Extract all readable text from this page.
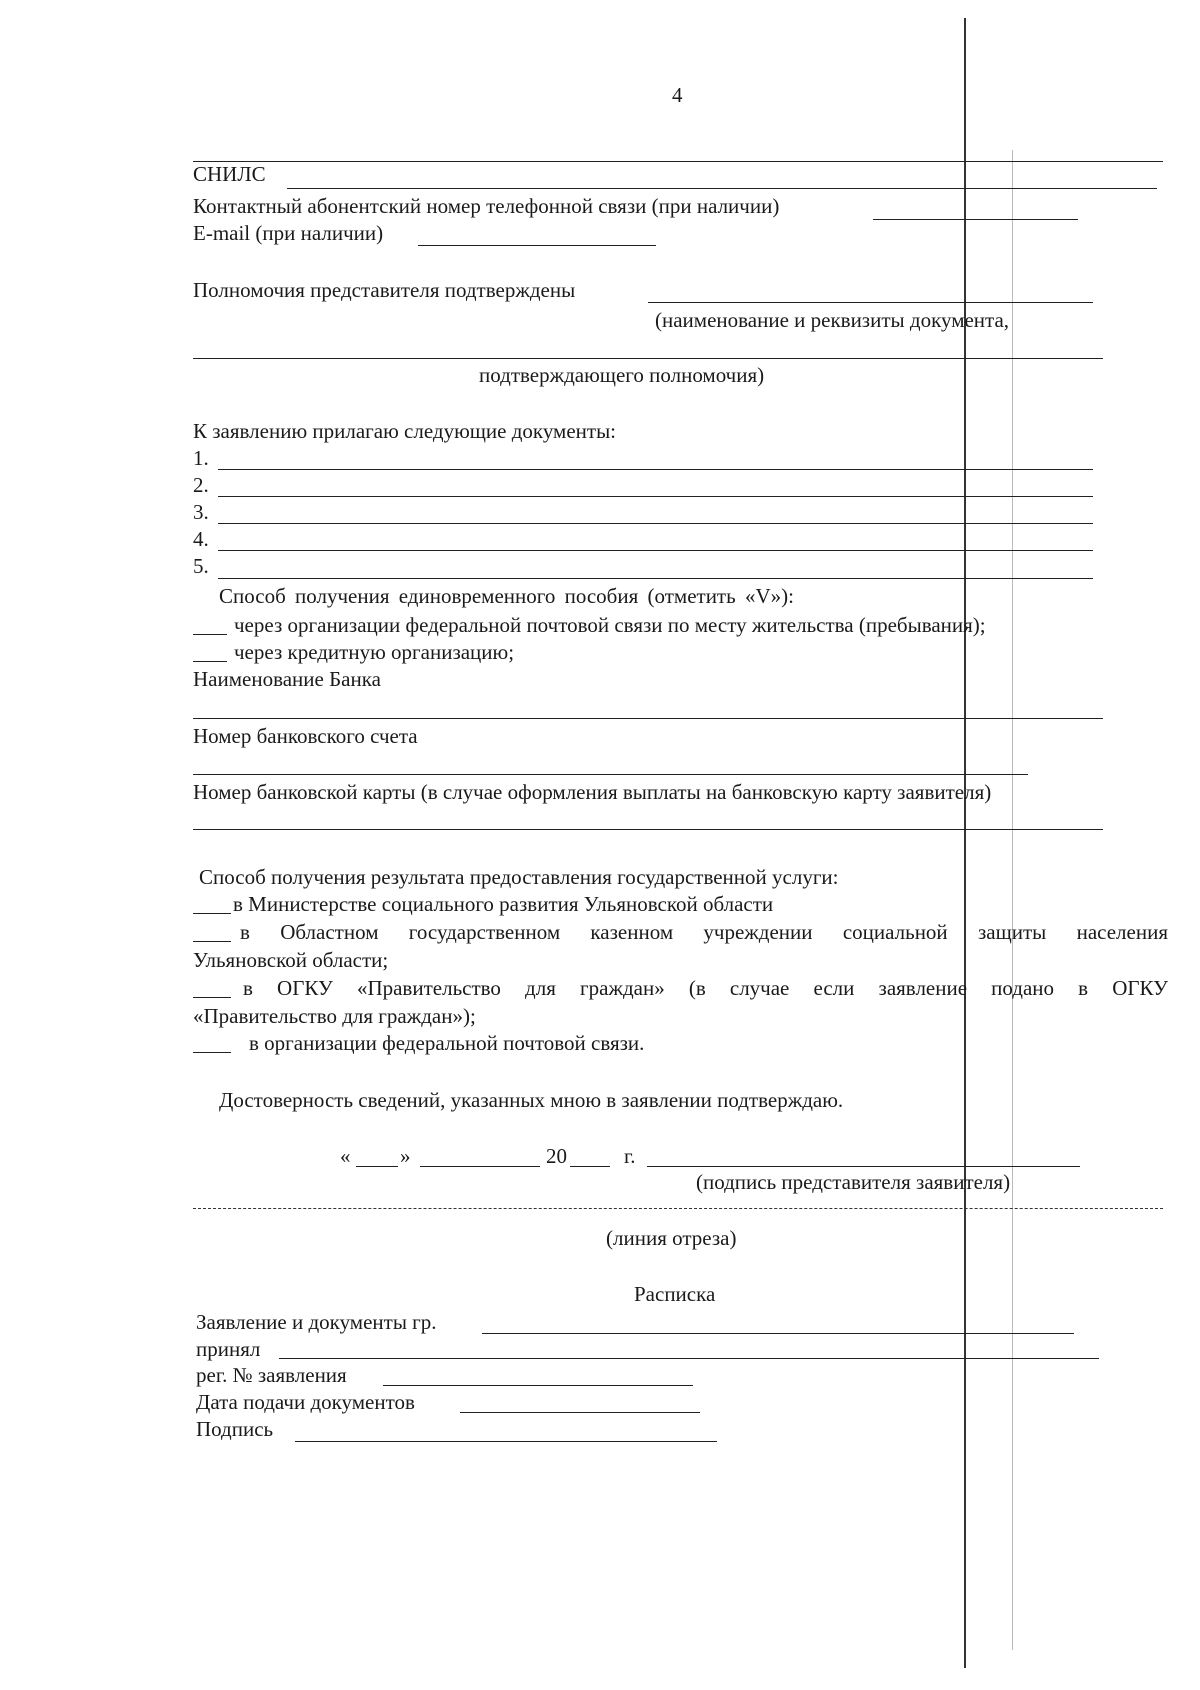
4
СНИЛС
Контактный абонентский номер телефонной связи (при наличии)
E-mail (при наличии)
Полномочия представителя подтверждены
(наименование и реквизиты документа,
подтверждающего полномочия)
К заявлению прилагаю следующие документы:
1.
2.
3.
4.
5.
Способ получения единовременного пособия (отметить «V»):
через организации федеральной почтовой связи по месту жительства (пребывания);
через кредитную организацию;
Наименование Банка
Номер банковского счета
Номер банковской карты (в случае оформления выплаты на банковскую карту заявителя)
Способ получения результата предоставления государственной услуги:
в Министерстве социального развития Ульяновской области
в Областном государственном казенном учреждении социальной защиты населения
Ульяновской области;
в ОГКУ «Правительство для граждан» (в случае если заявление подано в ОГКУ
«Правительство для граждан»);
в организации федеральной почтовой связи.
Достоверность сведений, указанных мною в заявлении подтверждаю.
« »	20	г.
(подпись представителя заявителя)
(линия отреза)
Расписка
Заявление и документы гр.
принял
рег. № заявления
Дата подачи документов
Подпись
